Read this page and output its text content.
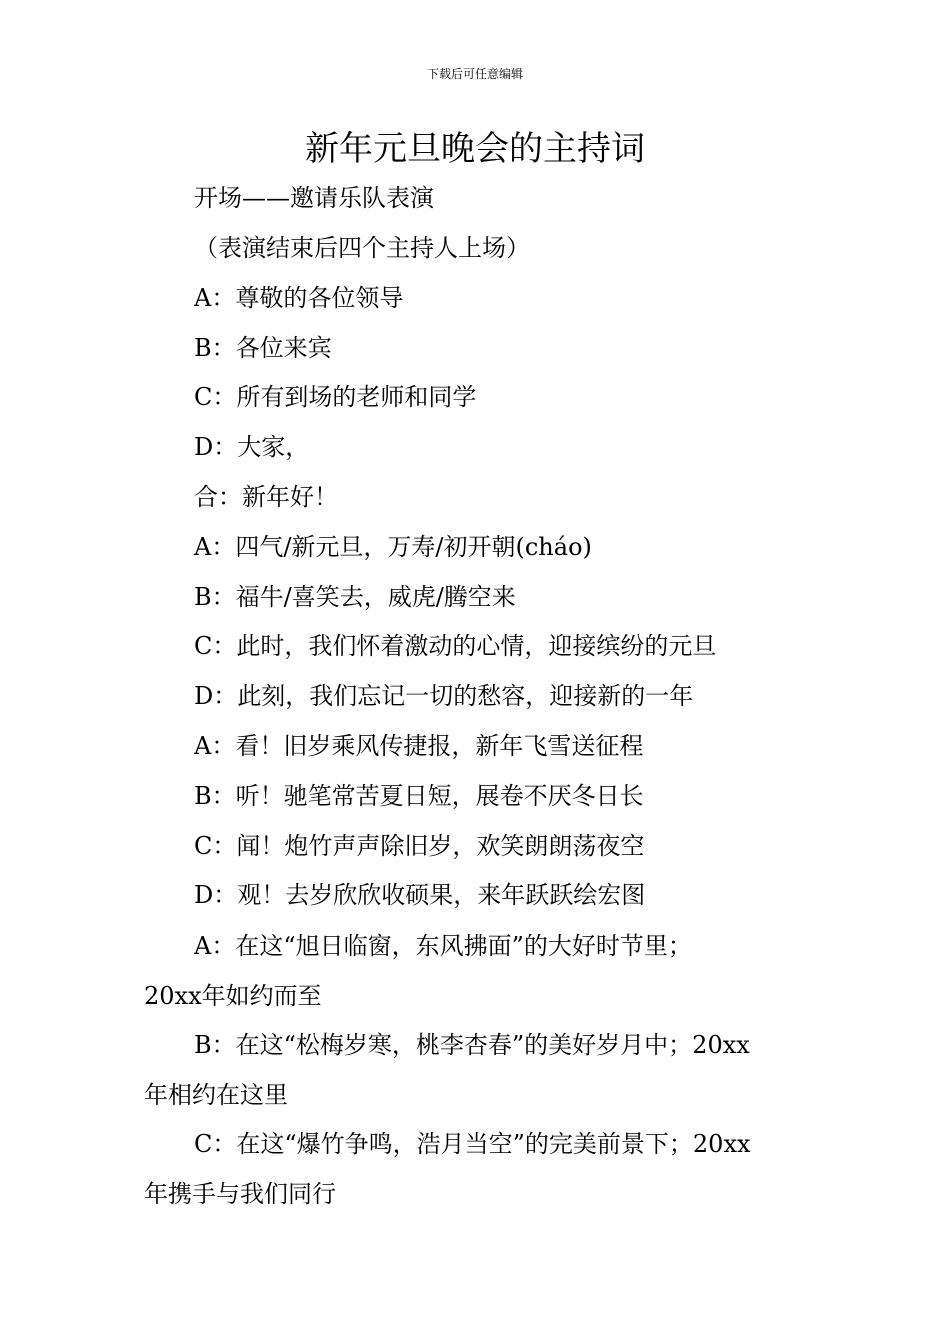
下载后可任意编辑
新年元旦晚会的主持词
开场——邀请乐队表演
（表演结束后四个主持人上场）
A：尊敬的各位领导
B：各位来宾
C：所有到场的老师和同学
D：大家，
合：新年好！
A：四气/新元旦，万寿/初开朝(cháo)
B：福牛/喜笑去，威虎/腾空来
C：此时，我们怀着激动的心情，迎接缤纷的元旦
D：此刻，我们忘记一切的愁容，迎接新的一年
A：看！旧岁乘风传捷报，新年飞雪送征程
B：听！驰笔常苦夏日短，展卷不厌冬日长
C：闻！炮竹声声除旧岁，欢笑朗朗荡夜空
D：观！去岁欣欣收硕果，来年跃跃绘宏图
A：在这“旭日临窗，东风拂面”的大好时节里；
20xx年如约而至
B：在这“松梅岁寒，桃李杏春”的美好岁月中；20xx
年相约在这里
C：在这“爆竹争鸣，浩月当空”的完美前景下；20xx
年携手与我们同行
